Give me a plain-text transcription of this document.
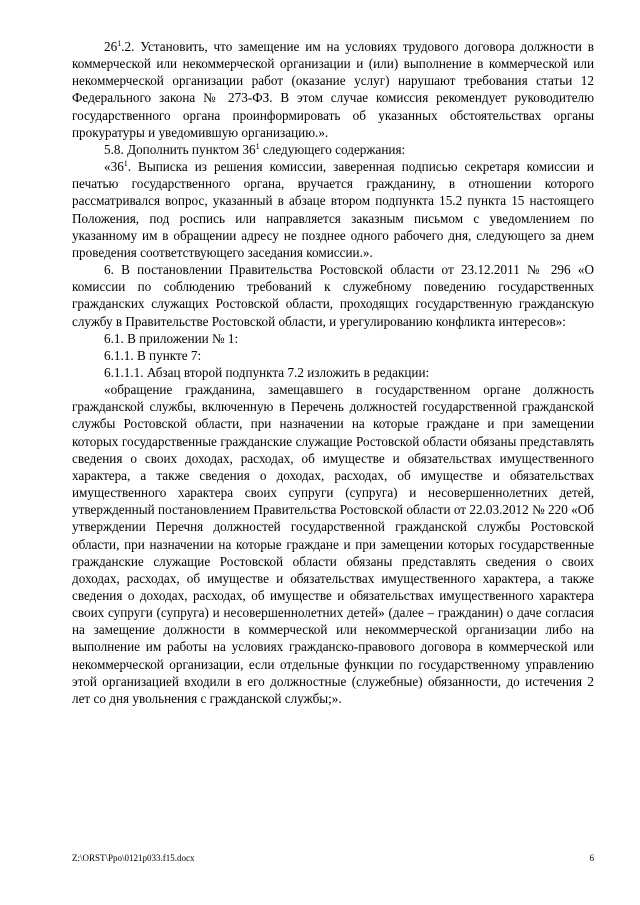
$26^1.2$. Установить, что замещение им на условиях трудового договора должности в коммерческой или некоммерческой организации и (или) выполнение в коммерческой или некоммерческой организации работ (оказание услуг) нарушают требования статьи 12 Федерального закона № 273-ФЗ. В этом случае комиссия рекомендует руководителю государственного органа проинформировать об указанных обстоятельствах органы прокуратуры и уведомившую организацию.».

5.8. Дополнить пунктом $36^1$ следующего содержания:

«$36^1$. Выписка из решения комиссии, заверенная подписью секретаря комиссии и печатью государственного органа, вручается гражданину, в отношении которого рассматривался вопрос, указанный в абзаце втором подпункта 15.2 пункта 15 настоящего Положения, под роспись или направляется заказным письмом с уведомлением по указанному им в обращении адресу не позднее одного рабочего дня, следующего за днем проведения соответствующего заседания комиссии.».

6. В постановлении Правительства Ростовской области от 23.12.2011 № 296 «О комиссии по соблюдению требований к служебному поведению государственных гражданских служащих Ростовской области, проходящих государственную гражданскую службу в Правительстве Ростовской области, и урегулированию конфликта интересов»:

6.1. В приложении № 1:

6.1.1. В пункте 7:

6.1.1.1. Абзац второй подпункта 7.2 изложить в редакции:

«обращение гражданина, замещавшего в государственном органе должность гражданской службы, включенную в Перечень должностей государственной гражданской службы Ростовской области, при назначении на которые граждане и при замещении которых государственные гражданские служащие Ростовской области обязаны представлять сведения о своих доходах, расходах, об имуществе и обязательствах имущественного характера, а также сведения о доходах, расходах, об имуществе и обязательствах имущественного характера своих супруги (супруга) и несовершеннолетних детей, утвержденный постановлением Правительства Ростовской области от 22.03.2012 № 220 «Об утверждении Перечня должностей государственной гражданской службы Ростовской области, при назначении на которые граждане и при замещении которых государственные гражданские служащие Ростовской области обязаны представлять сведения о своих доходах, расходах, об имуществе и обязательствах имущественного характера, а также сведения о доходах, расходах, об имуществе и обязательствах имущественного характера своих супруги (супруга) и несовершеннолетних детей» (далее – гражданин) о даче согласия на замещение должности в коммерческой или некоммерческой организации либо на выполнение им работы на условиях гражданско-правового договора в коммерческой или некоммерческой организации, если отдельные функции по государственному управлению этой организацией входили в его должностные (служебные) обязанности, до истечения 2 лет со дня увольнения с гражданской службы;».

Z:\ORST\Ppo\0121p033.f15.docx	6
